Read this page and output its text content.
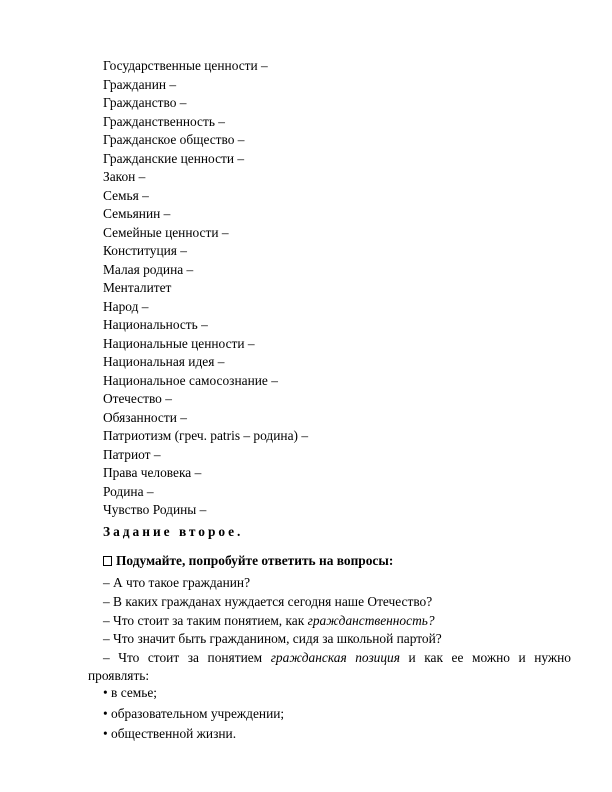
Государственные ценности –
Гражданин –
Гражданство –
Гражданственность –
Гражданское общество –
Гражданские ценности –
Закон –
Семья –
Семьянин –
Семейные ценности –
Конституция –
Малая родина –
Менталитет
Народ –
Национальность –
Национальные ценности –
Национальная идея –
Национальное самосознание –
Отечество –
Обязанности –
Патриотизм (греч. patris – родина) –
Патриот –
Права человека –
Родина –
Чувство Родины –
Задание второе.
Подумайте, попробуйте ответить на вопросы:
– А что такое гражданин?
– В каких гражданах нуждается сегодня наше Отечество?
– Что стоит за таким понятием, как гражданственность?
– Что значит быть гражданином, сидя за школьной партой?
– Что стоит за понятием гражданская позиция и как ее можно и нужно
проявлять:
• в семье;
• образовательном учреждении;
• общественной жизни.
